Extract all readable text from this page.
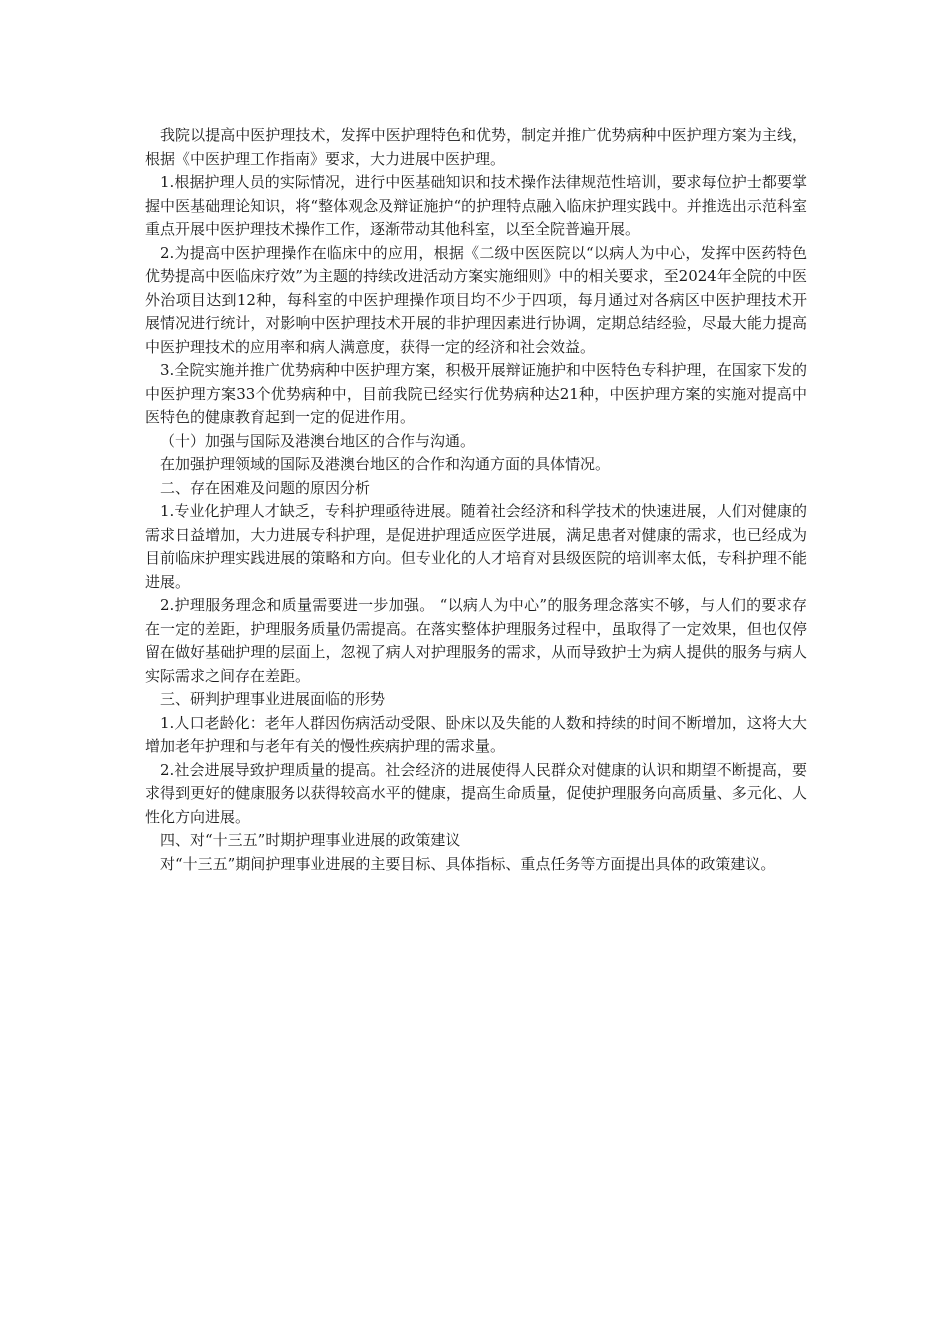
我院以提高中医护理技术，发挥中医护理特色和优势，制定并推广优势病种中医护理方案为主线，根据《中医护理工作指南》要求，大力进展中医护理。

1.根据护理人员的实际情况，进行中医基础知识和技术操作法律规范性培训，要求每位护士都要掌握中医基础理论知识，将“整体观念及辩证施护“的护理特点融入临床护理实践中。并推选出示范科室重点开展中医护理技术操作工作，逐渐带动其他科室，以至全院普遍开展。

2.为提高中医护理操作在临床中的应用，根据《二级中医医院以“以病人为中心，发挥中医药特色优势提高中医临床疗效”为主题的持续改进活动方案实施细则》中的相关要求，至2024年全院的中医外治项目达到12种，每科室的中医护理操作项目均不少于四项，每月通过对各病区中医护理技术开展情况进行统计，对影响中医护理技术开展的非护理因素进行协调，定期总结经验，尽最大能力提高中医护理技术的应用率和病人满意度，获得一定的经济和社会效益。

3.全院实施并推广优势病种中医护理方案，积极开展辩证施护和中医特色专科护理，在国家下发的中医护理方案33个优势病种中，目前我院已经实行优势病种达21种，中医护理方案的实施对提高中医特色的健康教育起到一定的促进作用。

（十）加强与国际及港澳台地区的合作与沟通。

在加强护理领域的国际及港澳台地区的合作和沟通方面的具体情况。

二、存在困难及问题的原因分析

1.专业化护理人才缺乏，专科护理亟待进展。随着社会经济和科学技术的快速进展，人们对健康的需求日益增加，大力进展专科护理，是促进护理适应医学进展，满足患者对健康的需求，也已经成为目前临床护理实践进展的策略和方向。但专业化的人才培育对县级医院的培训率太低，专科护理不能进展。

2.护理服务理念和质量需要进一步加强。 “以病人为中心”的服务理念落实不够，与人们的要求存在一定的差距，护理服务质量仍需提高。在落实整体护理服务过程中，虽取得了一定效果，但也仅停留在做好基础护理的层面上，忽视了病人对护理服务的需求，从而导致护士为病人提供的服务与病人实际需求之间存在差距。

三、研判护理事业进展面临的形势

1.人口老龄化：老年人群因伤病活动受限、卧床以及失能的人数和持续的时间不断增加，这将大大增加老年护理和与老年有关的慢性疾病护理的需求量。

2.社会进展导致护理质量的提高。社会经济的进展使得人民群众对健康的认识和期望不断提高，要求得到更好的健康服务以获得较高水平的健康，提高生命质量，促使护理服务向高质量、多元化、人性化方向进展。

四、对“十三五”时期护理事业进展的政策建议

对“十三五”期间护理事业进展的主要目标、具体指标、重点任务等方面提出具体的政策建议。
